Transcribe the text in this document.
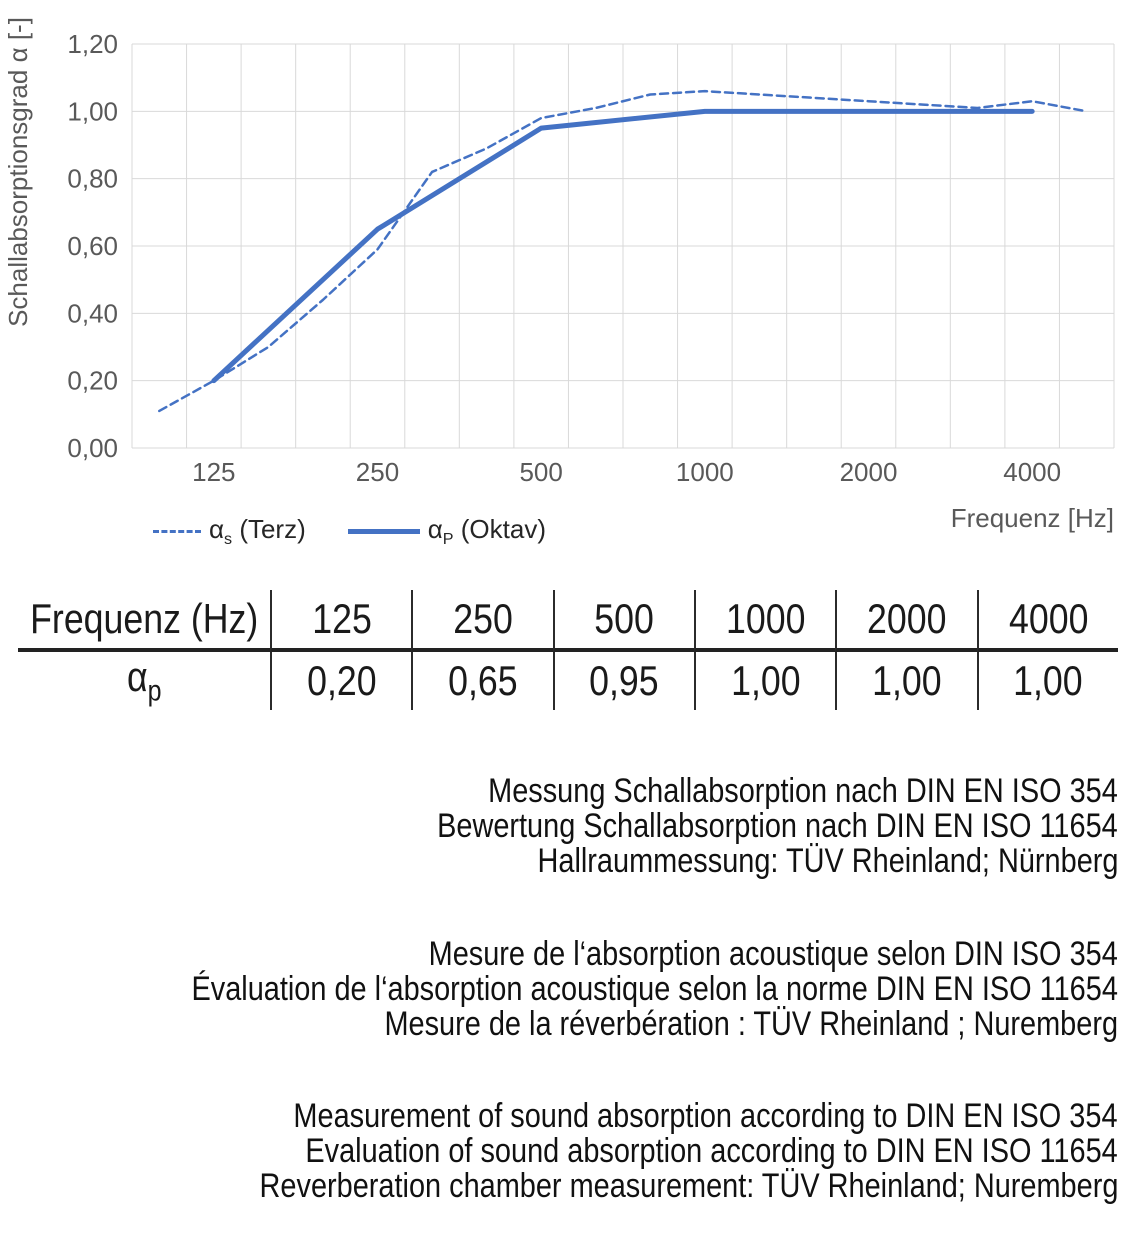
0,00
0,20
0,40
0,60
0,80
1,00
1,20
125	250	500	1000	2000	4000
Schallabsorptionsgrad α [-]
Frequenz [Hz]
$\alpha_s$ (Terz)	$\alpha_P$ (Oktav)
Frequenz (Hz) 125 250 500 1000 2000 4000
$\alpha_p$	0,20 0,65 0,95 1,00 1,00 1,00
Messung Schallabsorption nach DIN EN ISO 354
Bewertung Schallabsorption nach DIN EN ISO 11654
Hallraummessung: TÜV Rheinland; Nürnberg
Mesure de l‘absorption acoustique selon DIN ISO 354
Évaluation de l‘absorption acoustique selon la norme DIN EN ISO 11654
Mesure de la réverbération : TÜV Rheinland ; Nuremberg
Measurement of sound absorption according to DIN EN ISO 354
Evaluation of sound absorption according to DIN EN ISO 11654
Reverberation chamber measurement: TÜV Rheinland; Nuremberg
